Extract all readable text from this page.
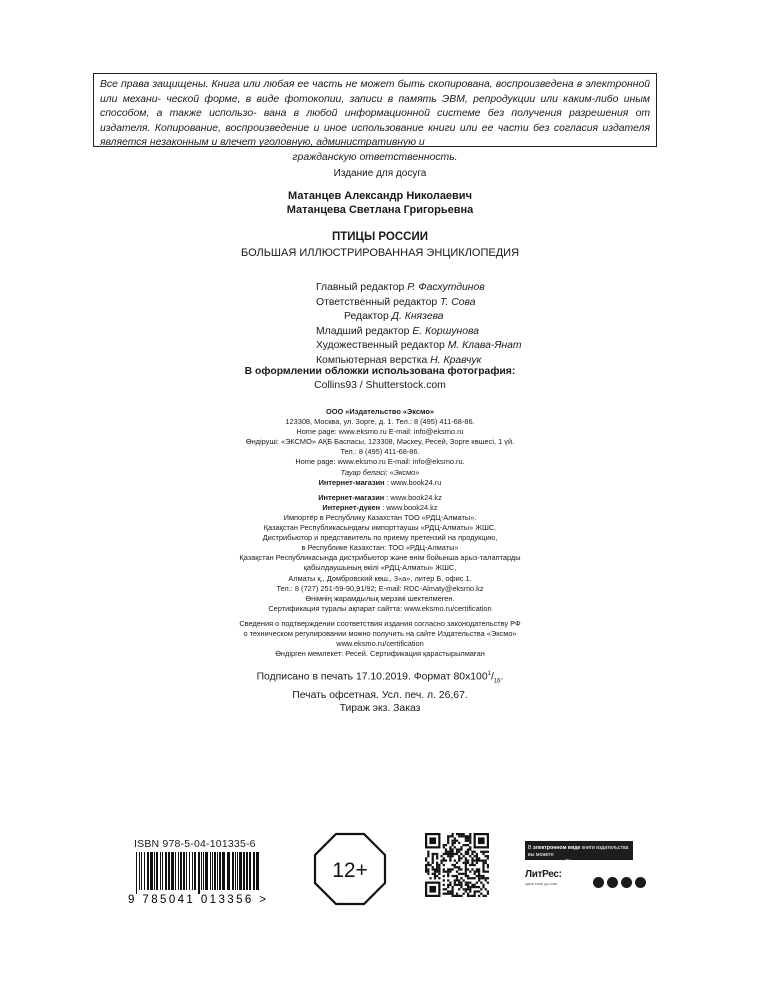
Все права защищены. Книга или любая ее часть не может быть скопирована, воспроизведена в электронной или механи- ческой форме, в виде фотокопии, записи в память ЭВМ, репродукции или каким-либо иным способом, а также использо- вана в любой информационной системе без получения разрешения от издателя. Копирование, воспроизведение и иное использование книги или ее части без согласия издателя является незаконным и влечет уголовную, административную и
гражданскую ответственность.
Издание для досуга
Матанцев Александр Николаевич
Матанцева Светлана Григорьевна
ПТИЦЫ РОССИИ
БОЛЬШАЯ ИЛЛЮСТРИРОВАННАЯ ЭНЦИКЛОПЕДИЯ
Главный редактор Р. Фасхутдинов
Ответственный редактор Т. Сова
Редактор Д. Князева
Младший редактор Е. Коршунова
Художественный редактор М. Клава-Янат
Компьютерная верстка Н. Кравчук
В оформлении обложки использована фотография:
Collins93 / Shutterstock.com
ООО «Издательство «Эксмо»
123308, Москва, ул. Зорге, д. 1. Тел.: 8 (495) 411-68-86.
Home page: www.eksmo.ru E-mail: info@eksmo.ru
Өндіруші: «ЭКСМО» АҚБ Баспасы, 123308, Мәскеу, Ресей, Зорге көшесі, 1 үй.
Тел.: 8 (495) 411-68-86.
Home page: www.eksmo.ru E-mail: info@eksmo.ru.
Тауар белгісі: «Эксмо»
Интернет-магазин : www.book24.ru
Интернет-магазин : www.book24.kz
Интернет-дүкен : www.book24.kz
Импортёр в Республику Казахстан ТОО «РДЦ-Алматы».
Қазақстан Республикасындағы импорттаушы «РДЦ-Алматы» ЖШС.
Дистрибьютор и представитель по приему претензий на продукцию,
в Республике Казахстан: ТОО «РДЦ-Алматы»
Қазақстан Республикасында дистрибьютор және өнім бойынша арыз-талаптарды
қабылдаушының өкілі «РДЦ-Алматы» ЖШС,
Алматы қ., Домбровский көш., 3«а», литер Б, офис 1.
Тел.: 8 (727) 251-59-90,91/92; E-mail: RDC-Almaty@eksmo.kz
Өнімнің жарамдылық мерзімі шектелмеген.
Сертификация туралы ақпарат сайтта: www.eksmo.ru/certification
Сведения о подтверждении соответствия издания согласно законодательству РФ
о техническом регулировании можно получить на сайте Издательства «Эксмо»
www.eksmo.ru/certification
Өндірген мемлекет: Ресей. Сертификация қарастырылмаған
Подписано в печать 17.10.2019. Формат $80x100^1/_{16}$.
Печать офсетная. Усл. печ. л. 26,67.
Тираж экз. Заказ
ISBN 978-5-04-101335-6
9 785041 013356 >
12+
В электронном виде книги издательства вы можете
купить на www.litres.ru
ЛитРес:
один клик до книг
